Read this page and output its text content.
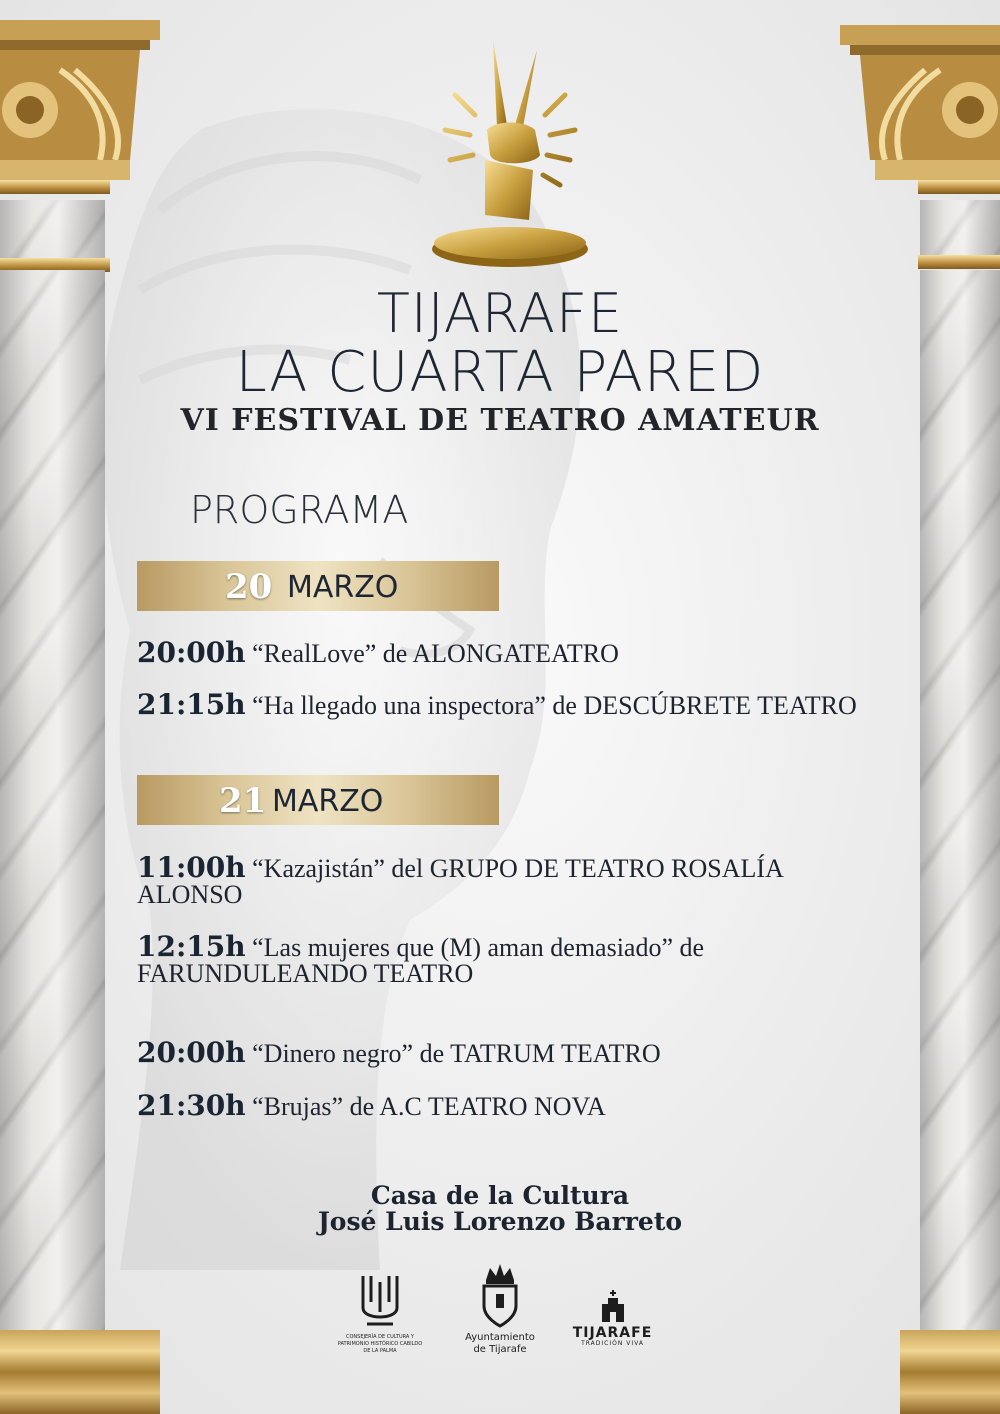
TIJARAFE
LA CUARTA PARED
VI FESTIVAL DE TEATRO AMATEUR
PROGRAMA
20 MARZO

20:00h “RealLove” de ALONGATEATRO

21:15h “Ha llegado una inspectora” de DESCÚBRETE TEATRO

21 MARZO

11:00h “Kazajistán” del GRUPO DE TEATRO ROSALÍA ALONSO

12:15h “Las mujeres que (M) aman demasiado” de FARUNDULEANDO TEATRO

20:00h “Dinero negro” de TATRUM TEATRO

21:30h “Brujas” de A.C TEATRO NOVA

Casa de la Cultura

José Luis Lorenzo Barreto

CONSEJERÍA DE CULTURA Y PATRIMONIO HISTÓRICO CABILDO DE LA PALMA
Ayuntamiento
de Tijarafe
TIJARAFE
TRADICIÓN VIVA
